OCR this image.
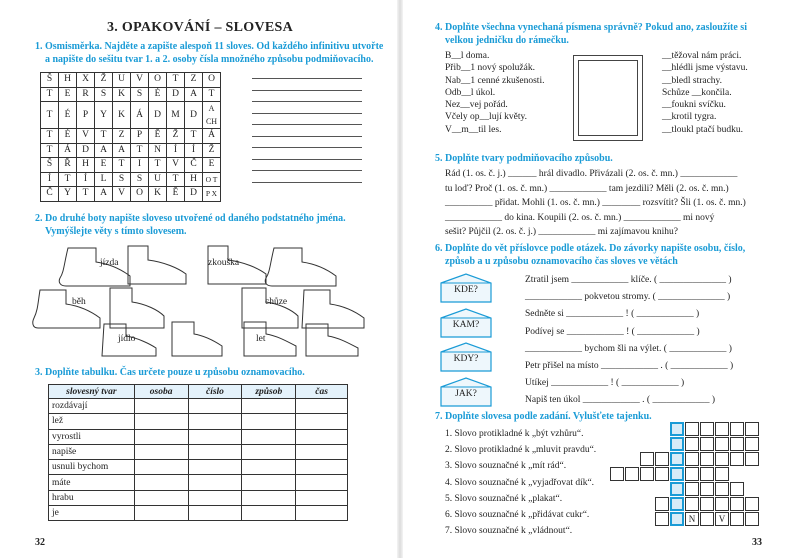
3. OPAKOVÁNÍ – SLOVESA
1. Osmisměrka. Najděte a zapište alespoň 11 sloves. Od každého infinitivu utvořte
a napište do sešitu tvar 1. a 2. osoby čísla množného způsobu podmiňovacího.
Š	H	X	Ž	U	V	O	T	Z	O
T	E	R	S	K	S	É	D	A	T
T	É	P	Y	K	Á	D	M	D	A CH
T	É	V	T	Z	P	Ě	Ž	T	Á
T	Á	D	A	A	T	N	Í	Í	Ž
Š	Ř	H	E	T	I	T	V	Č	E
Í	T	Í	L	S	S	U	T	H	O T
Č	Y	T	A	V	O	K	Ě	D	P X
2. Do druhé boty napište sloveso utvořené od daného podstatného jména.
Vymýšlejte věty s tímto slovesem.
jízda	zkouška
běh	chůze
jídlo	let
3. Doplňte tabulku. Čas určete pouze u způsobu oznamovacího.
slovesný tvar	osoba	číslo	způsob	čas
rozdávají				
lež				
vyrostli				
napiše				
usnuli bychom				
máte				
hrabu				
je				
32
4. Doplňte všechna vynechaná písmena správně? Pokud ano, zasloužíte si
velkou jedničku do rámečku.
B__l doma.
Přib__1 nový spolužák.
Nab__1 cenné zkušenosti.
Odb__l úkol.
Nez__vej pořád.
Včely op__lují květy.
V__m__til les.
__těžoval nám práci.
__hlédli jsme výstavu.
__bledl strachy.
Schůze __končila.
__foukni svíčku.
__krotil tygra.
__tloukl ptačí budku.
5. Doplňte tvary podmiňovacího způsobu.
Rád (1. os. č. j.) ______ hrál divadlo. Přivázali (2. os. č. mn.) ____________
tu loď? Proč (1. os. č. mn.) ____________ tam jezdili? Měli (2. os. č. mn.)
__________ přidat. Mohli (1. os. č. mn.) ________ rozsvítit? Šli (1. os. č. mn.)
____________ do kina. Koupili (2. os. č. mn.) ____________ mi nový
sešit? Půjčil (2. os. č. j.) ____________ mi zajímavou knihu?
6. Doplňte do vět příslovce podle otázek. Do závorky napište osobu, číslo,
způsob a u způsobu oznamovacího čas sloves ve větách
KDE?
KAM?
KDY?
JAK?
Ztratil jsem ____________ klíče. ( ______________ )
____________ pokvetou stromy. ( ______________ )
Sedněte si ____________ ! ( ____________ )
Podívej se ____________ ! ( ____________ )
____________ bychom šli na výlet. ( ____________ )
Petr přišel na místo ____________ . ( ____________ )
Utíkej ____________ ! ( ____________ )
Napiš ten úkol ____________ . ( ____________ )
7. Doplňte slovesa podle zadání. Vylušťete tajenku.
1. Slovo protikladné k „být vzhůru“.
2. Slovo protikladné k „mluvit pravdu“.
3. Slovo souznačné k „mít rád“.
4. Slovo souznačné k „vyjadřovat dík“.
5. Slovo souznačné k „plakat“.
6. Slovo souznačné k „přidávat cukr“.
7. Slovo souznačné k „vládnout“.
N	V
33
